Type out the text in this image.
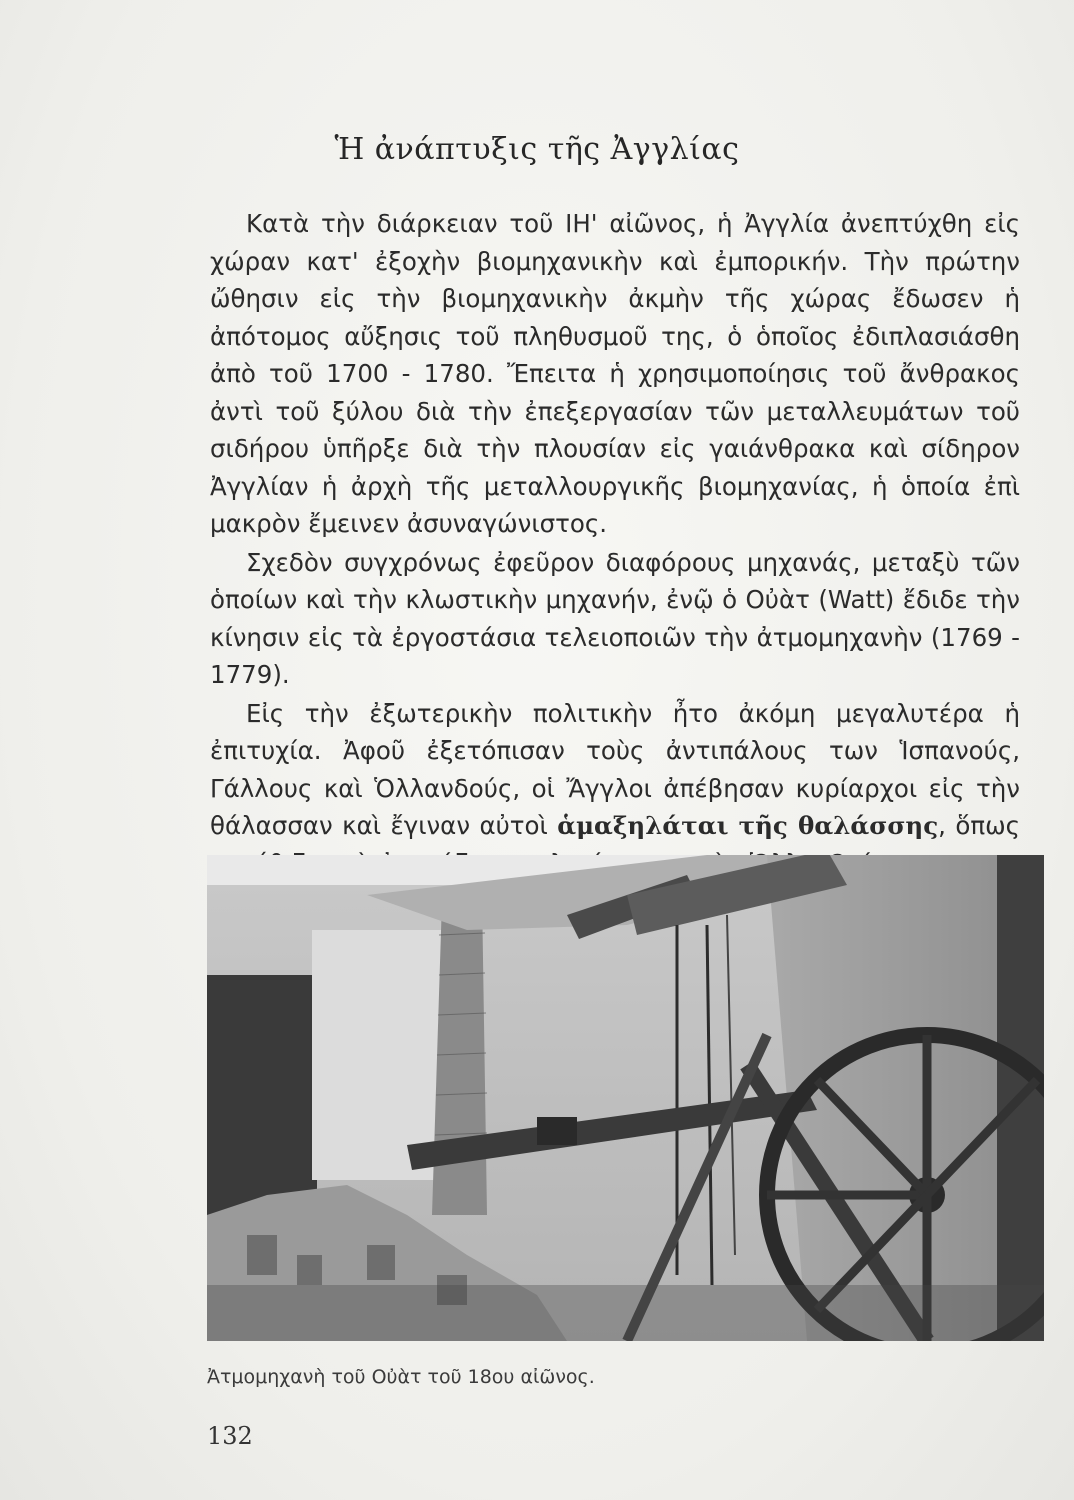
Ἡ ἀνάπτυξις τῆς Ἀγγλίας

Κατὰ τὴν διάρκειαν τοῦ ΙΗ' αἰῶνος, ἡ Ἀγγλία ἀνεπτύχθη εἰς χώραν κατ' ἐξοχὴν βιομηχανικὴν καὶ ἐμπορικήν. Τὴν πρώτην ὤθησιν εἰς τὴν βιομηχανικὴν ἀκμὴν τῆς χώρας ἔδωσεν ἡ ἀπότομος αὔξησις τοῦ πληθυσμοῦ της, ὁ ὁποῖος ἐδιπλασιάσθη ἀπὸ τοῦ 1700 - 1780. Ἔπειτα ἡ χρησιμοποίησις τοῦ ἄνθρακος ἀντὶ τοῦ ξύλου διὰ τὴν ἐπεξεργασίαν τῶν μεταλλευμάτων τοῦ σιδήρου ὑπῆρξε διὰ τὴν πλουσίαν εἰς γαιάνθρακα καὶ σίδηρον Ἀγγλίαν ἡ ἀρχὴ τῆς μεταλλουργικῆς βιομηχανίας, ἡ ὁποία ἐπὶ μακρὸν ἔμεινεν ἀσυναγώνιστος.

Σχεδὸν συγχρόνως ἐφεῦρον διαφόρους μηχανάς, μεταξὺ τῶν ὁποίων καὶ τὴν κλωστικὴν μηχανήν, ἐνῷ ὁ Οὐὰτ (Watt) ἔδιδε τὴν κίνησιν εἰς τὰ ἐργοστάσια τελειοποιῶν τὴν ἀτμομηχανὴν (1769 - 1779).

Εἰς τὴν ἐξωτερικὴν πολιτικὴν ἦτο ἀκόμη μεγαλυτέρα ἡ ἐπιτυχία. Ἀφοῦ ἐξετόπισαν τοὺς ἀντιπάλους των Ἱσπανούς, Γάλλους καὶ Ὁλλανδούς, οἱ Ἄγγλοι ἀπέβησαν κυρίαρχοι εἰς τὴν θάλασσαν καὶ ἔγιναν αὐτοὶ ἁμαξηλάται τῆς θαλάσσης, ὅπως

Ἀτμομηχανὴ τοῦ Οὐὰτ τοῦ 18ου αἰῶνος.
132
